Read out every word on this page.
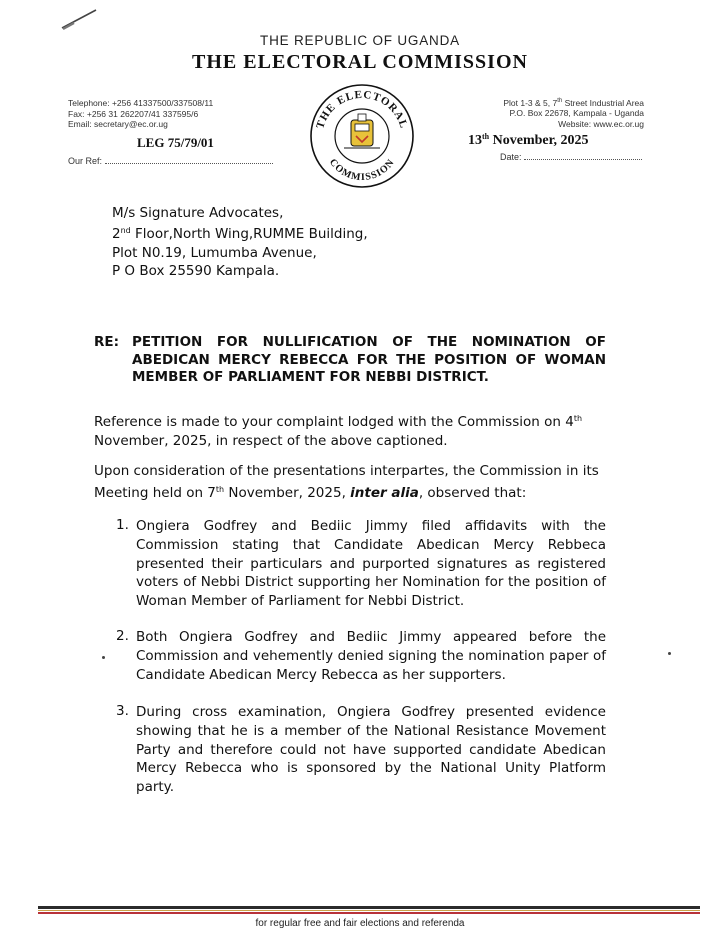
THE REPUBLIC OF UGANDA
THE ELECTORAL COMMISSION
Telephone: +256 41337500/337508/11
Fax: +256 31 262207/41 337595/6
Email: secretary@ec.or.ug
LEG 75/79/01
Our Ref:
THE ELECTORAL
COMMISSION
Plot 1-3 & 5, 7th Street Industrial Area
P.O. Box 22678, Kampala - Uganda
Website: www.ec.or.ug
13th November, 2025
Date:
M/s Signature Advocates,
2nd Floor,North Wing,RUMME Building,
Plot N0.19, Lumumba Avenue,
P O Box 25590 Kampala.
RE: PETITION FOR NULLIFICATION OF THE NOMINATION OF ABEDICAN MERCY REBECCA FOR THE POSITION OF WOMAN MEMBER OF PARLIAMENT FOR NEBBI DISTRICT.
Reference is made to your complaint lodged with the Commission on 4th November, 2025, in respect of the above captioned.
Upon consideration of the presentations interpartes, the Commission in its Meeting held on 7th November, 2025, inter alia, observed that:
1. Ongiera Godfrey and Bediic Jimmy filed affidavits with the Commission stating that Candidate Abedican Mercy Rebbeca presented their particulars and purported signatures as registered voters of Nebbi District supporting her Nomination for the position of Woman Member of Parliament for Nebbi District.
2. Both Ongiera Godfrey and Bediic Jimmy appeared before the Commission and vehemently denied signing the nomination paper of Candidate Abedican Mercy Rebecca as her supporters.
3. During cross examination, Ongiera Godfrey presented evidence showing that he is a member of the National Resistance Movement Party and therefore could not have supported candidate Abedican Mercy Rebecca who is sponsored by the National Unity Platform party.
for regular free and fair elections and referenda
